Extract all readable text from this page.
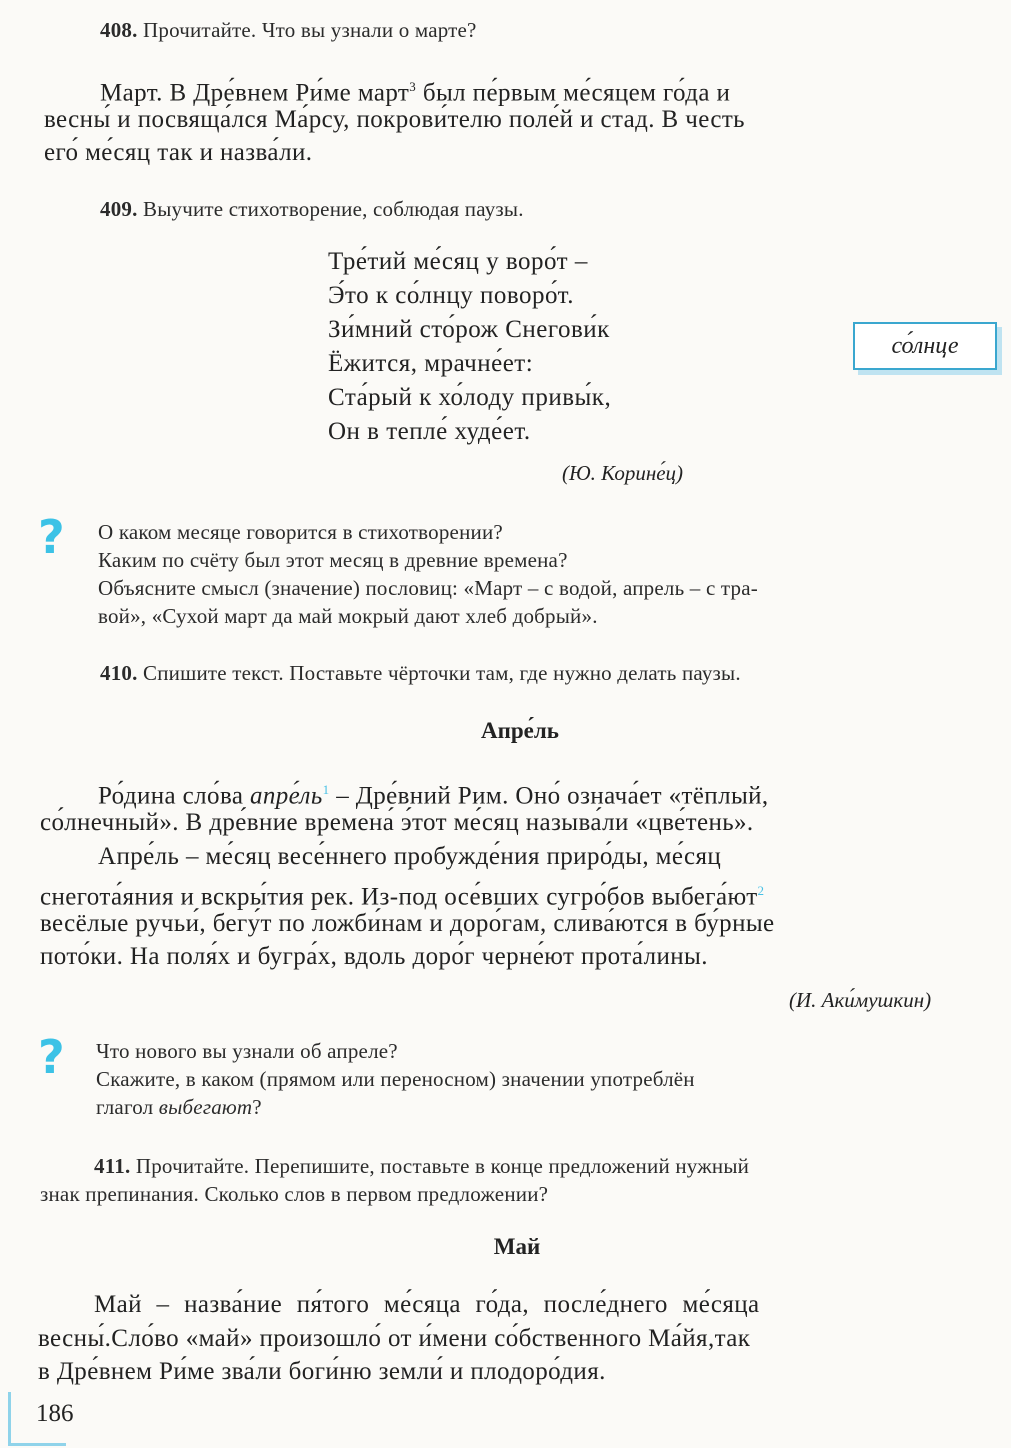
408. Прочитайте. Что вы узнали о марте?
Март. В Дре́внем Ри́ме март$^3$ был пе́рвым ме́сяцем го́да и
весны́ и посвяща́лся Ма́рсу, покрови́телю поле́й и стад. В честь
его́ ме́сяц так и назва́ли.
409. Выучите стихотворение, соблюдая паузы.
Тре́тий ме́сяц у воро́т –
Э́то к со́лнцу поворо́т.
Зи́мний сто́рож Снегови́к
Ёжится, мрачне́ет:
Ста́рый к хо́лоду привы́к,
Он в тепле́ худе́ет.
со́лнце
(Ю. Корине́ц)
? О каком месяце говорится в стихотворении?
Каким по счёту был этот месяц в древние времена?
Объясните смысл (значение) пословиц: «Март – с водой, апрель – с тра-
вой», «Сухой март да май мокрый дают хлеб добрый».
410. Спишите текст. Поставьте чёрточки там, где нужно делать паузы.
Апре́ль
Ро́дина сло́ва $апре́ль^1$ – Дре́вний Рим. Оно́ означа́ет «тёплый,
со́лнечный». В дре́вние времена́ э́тот ме́сяц называ́ли «цве́тень».
Апре́ль – ме́сяц весе́ннего пробужде́ния приро́ды, ме́сяц
снегота́яния и вскры́тия рек. Из-под осе́вших сугро́бов $выбега́ют^2$
весёлые ручьи́, бегу́т по ложби́нам и доро́гам, слива́ются в бу́рные
пото́ки. На поля́х и бугра́х, вдоль доро́г черне́ют прота́лины.
(И. Аки́мушкин)
? Что нового вы узнали об апреле?
Скажите, в каком (прямом или переносном) значении употреблён
глагол выбегают?
411. Прочитайте. Перепишите, поставьте в конце предложений нужный
знак препинания. Сколько слов в первом предложении?
Май
Май – назва́ние пя́того ме́сяца го́да, после́днего ме́сяца
весны́.Сло́во «май» произошло́ от и́мени со́бственного Ма́йя,так
в Дре́внем Ри́ме зва́ли боги́ню земли́ и плодоро́дия.
186
